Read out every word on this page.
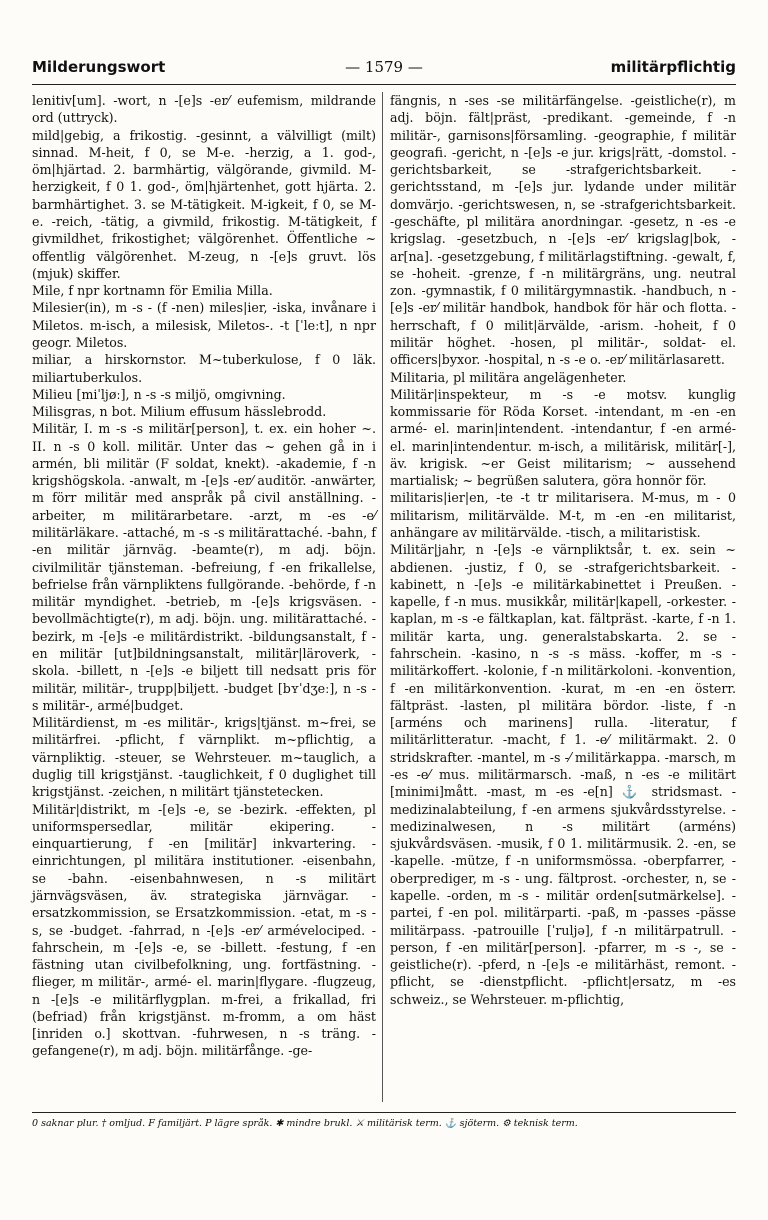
Milderungswort	— 1579 —	militärpflichtig

lenitiv[um]. -wort, n -[e]s -er⁄ eufemism, mildrande ord (uttryck).

mild|gebig, a frikostig. -gesinnt, a välvilligt (milt) sinnad. M-heit, f 0, se M-e. -herzig, a 1. god-, öm|hjärtad. 2. barmhärtig, välgörande, givmild. M-herzigkeit, f 0 1. god-, öm|hjärtenhet, gott hjärta. 2. barmhärtighet. 3. se M-tätigkeit. M-igkeit, f 0, se M-e. -reich, -tätig, a givmild, frikostig. M-tätigkeit, f givmildhet, frikostighet; välgörenhet. Öffentliche ~ offentlig välgörenhet. M-zeug, n -[e]s gruvt. lös (mjuk) skiffer.

Mile, f npr kortnamn för Emilia Milla.

Milesier(in), m -s - (f -nen) miles|ier, -iska, invånare i Miletos. m-isch, a milesisk, Miletos-. -t [ˈleːt], n npr geogr. Miletos.

miliar, a hirskornstor. M~tuberkulose, f 0 läk. miliartuberkulos.

Milieu [miˈljøː], n -s -s miljö, omgivning.

Milisgras, n bot. Milium effusum hässlebrodd.

Militär, I. m -s -s militär[person], t. ex. ein hoher ~. II. n -s 0 koll. militär. Unter das ~ gehen gå in i armén, bli militär (F soldat, knekt). -akademie, f -n krigshögskola. -anwalt, m -[e]s -er⁄ auditör. -anwärter, m förr militär med anspråk på civil anställning. -arbeiter, m militärarbetare. -arzt, m -es -e⁄ militärläkare. -attaché, m -s -s militärattaché. -bahn, f -en militär järnväg. -beamte(r), m adj. böjn. civilmilitär tjänsteman. -befreiung, f -en frikallelse, befrielse från värnpliktens fullgörande. -behörde, f -n militär myndighet. -betrieb, m -[e]s krigsväsen. -bevollmächtigte(r), m adj. böjn. ung. militärattaché. -bezirk, m -[e]s -e militärdistrikt. -bildungsanstalt, f -en militär [ut]bildningsanstalt, militär|läroverk, -skola. -billett, n -[e]s -e biljett till nedsatt pris för militär, militär-, trupp|biljett. -budget [bʏˈdʒeː], n -s -s militär-, armé|budget.

Militärdienst, m -es militär-, krigs|tjänst. m~frei, se militärfrei. -pflicht, f värnplikt. m~pflichtig, a värnpliktig. -steuer, se Wehrsteuer. m~tauglich, a duglig till krigstjänst. -tauglichkeit, f 0 duglighet till krigstjänst. -zeichen, n militärt tjänstetecken.

Militär|distrikt, m -[e]s -e, se -bezirk. -effekten, pl uniformspersedlar, militär ekipering. -einquartierung, f -en [militär] inkvartering. -einrichtungen, pl militära institutioner. -eisenbahn, se -bahn. -eisenbahnwesen, n -s militärt järnvägsväsen, äv. strategiska järnvägar. -ersatzkommission, se Ersatzkommission. -etat, m -s -s, se -budget. -fahrrad, n -[e]s -er⁄ armévelociped. -fahrschein, m -[e]s -e, se -billett. -festung, f -en fästning utan civilbefolkning, ung. fortfästning. -flieger, m militär-, armé- el. marin|flygare. -flugzeug, n -[e]s -e militärflygplan. m-frei, a frikallad, fri (befriad) från krigstjänst. m-fromm, a om häst [inriden o.] skottvan. -fuhrwesen, n -s träng. -gefangene(r), m adj. böjn. militärfånge. -ge-

fängnis, n -ses -se militärfängelse. -geistliche(r), m adj. böjn. fält|präst, -predikant. -gemeinde, f -n militär-, garnisons|församling. -geographie, f militär geografi. -gericht, n -[e]s -e jur. krigs|rätt, -domstol. -gerichtsbarkeit, se -strafgerichtsbarkeit. -gerichtsstand, m -[e]s jur. lydande under militär domvärjo. -gerichtswesen, n, se -strafgerichtsbarkeit. -geschäfte, pl militära anordningar. -gesetz, n -es -e krigslag. -gesetzbuch, n -[e]s -er⁄ krigslag|bok, -ar[na]. -gesetzgebung, f militärlagstiftning. -gewalt, f, se -hoheit. -grenze, f -n militärgräns, ung. neutral zon. -gymnastik, f 0 militärgymnastik. -handbuch, n -[e]s -er⁄ militär handbok, handbok för här och flotta. -herrschaft, f 0 milit|ärvälde, -arism. -hoheit, f 0 militär höghet. -hosen, pl militär-, soldat- el. officers|byxor. -hospital, n -s -e o. -er⁄ militärlasarett.

Militaria, pl militära angelägenheter.

Militär|inspekteur, m -s -e motsv. kunglig kommissarie för Röda Korset. -intendant, m -en -en armé- el. marin|intendent. -intendantur, f -en armé- el. marin|intendentur. m-isch, a militärisk, militär[-], äv. krigisk. ~er Geist militarism; ~ aussehend martialisk; ~ begrüßen salutera, göra honnör för.

militaris|ier|en, -te -t tr militarisera. M-mus, m - 0 militarism, militärvälde. M-t, m -en -en militarist, anhängare av militärvälde. -tisch, a militaristisk.

Militär|jahr, n -[e]s -e värnpliktsår, t. ex. sein ~ abdienen. -justiz, f 0, se -strafgerichtsbarkeit. -kabinett, n -[e]s -e militärkabinettet i Preußen. -kapelle, f -n mus. musikkår, militär|kapell, -orkester. -kaplan, m -s -e fältkaplan, kat. fältpräst. -karte, f -n 1. militär karta, ung. generalstabskarta. 2. se -fahrschein. -kasino, n -s -s mäss. -koffer, m -s - militärkoffert. -kolonie, f -n militärkoloni. -konvention, f -en militärkonvention. -kurat, m -en -en österr. fältpräst. -lasten, pl militära bördor. -liste, f -n [arméns och marinens] rulla. -literatur, f militärlitteratur. -macht, f 1. -e⁄ militärmakt. 2. 0 stridskrafter. -mantel, m -s -⁄ militärkappa. -marsch, m -es -e⁄ mus. militärmarsch. -maß, n -es -e militärt [minimi]mått. -mast, m -es -e[n] ⚓ stridsmast. -medizinalabteilung, f -en armens sjukvårdsstyrelse. -medizinalwesen, n -s militärt (arméns) sjukvårdsväsen. -musik, f 0 1. militärmusik. 2. -en, se -kapelle. -mütze, f -n uniformsmössa. -oberpfarrer, -oberprediger, m -s - ung. fältprost. -orchester, n, se -kapelle. -orden, m -s - militär orden[sutmärkelse]. -partei, f -en pol. militärparti. -paß, m -passes -pässe militärpass. -patrouille [ˈruljə], f -n militärpatrull. -person, f -en militär[person]. -pfarrer, m -s -, se -geistliche(r). -pferd, n -[e]s -e militärhäst, remont. -pflicht, se -dienstpflicht. -pflicht|ersatz, m -es schweiz., se Wehrsteuer. m-pflichtig,

0 saknar plur. † omljud. F familjärt. P lägre språk. ✱ mindre brukl. ⚔ militärisk term. ⚓ sjöterm. ⚙ teknisk term.
